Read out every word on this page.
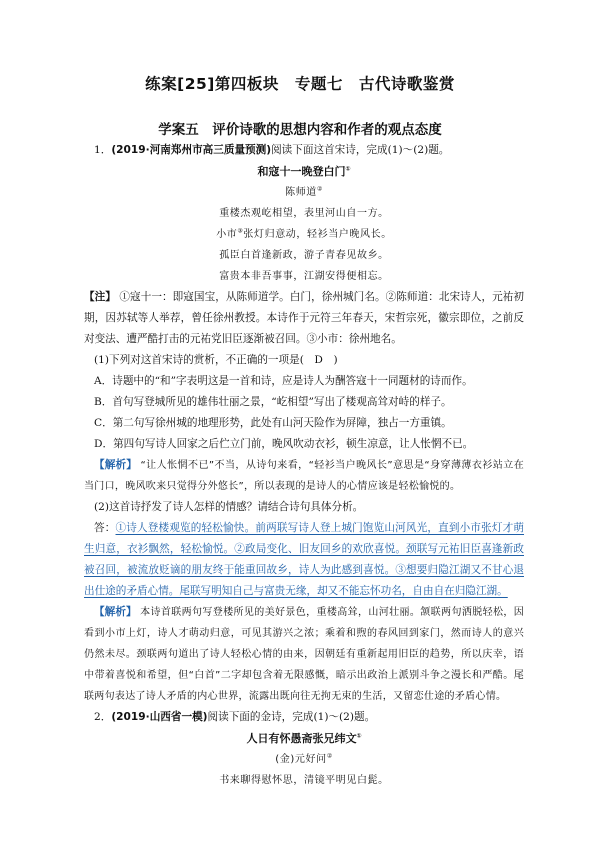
练案[25]第四板块　专题七　古代诗歌鉴赏
学案五　评价诗歌的思想内容和作者的观点态度

1．(2019·河南郑州市高三质量预测)阅读下面这首宋诗，完成(1)～(2)题。

和寇十一晚登白门①

陈师道②

重楼杰观屹相望，表里河山自一方。

小市③张灯归意动，轻衫当户晚风长。

孤臣白首逢新政，游子青春见故乡。

富贵本非吾事事，江湖安得便相忘。

【注】 ①寇十一：即寇国宝，从陈师道学。白门，徐州城门名。②陈师道：北宋诗人，元祐初期，因苏轼等人举荐，曾任徐州教授。本诗作于元符三年春天，宋哲宗死，徽宗即位，之前反对变法、遭严酷打击的元祐党旧臣逐渐被召回。③小市：徐州地名。

(1)下列对这首宋诗的赏析，不正确的一项是(　D　)

A．诗题中的“和”字表明这是一首和诗，应是诗人为酬答寇十一同题材的诗而作。

B．首句写登城所见的雄伟壮丽之景，“屹相望”写出了楼观高耸对峙的样子。

C．第二句写徐州城的地理形势，此处有山河天险作为屏障，独占一方重镇。

D．第四句写诗人回家之后伫立门前，晚风吹动衣衫，顿生凉意，让人怅惘不已。

【解析】 “让人怅惘不已”不当，从诗句来看，“轻衫当户晚风长”意思是“身穿薄薄衣衫站立在当门口，晚风吹来只觉得分外悠长”，所以表现的是诗人的心情应该是轻松愉悦的。

(2)这首诗抒发了诗人怎样的情感？请结合诗句具体分析。

答：①诗人登楼观览的轻松愉快。前两联写诗人登上城门饱览山河风光，直到小市张灯才萌生归意，衣衫飘然，轻松愉悦。②政局变化、旧友回乡的欢欣喜悦。颈联写元祐旧臣喜逢新政被召回，被流放贬谪的朋友终于能重回故乡，诗人为此感到喜悦。③想要归隐江湖又不甘心退出仕途的矛盾心情。尾联写明知自己与富贵无缘，却又不能忘怀功名，自由自在归隐江湖。

【解析】 本诗首联两句写登楼所见的美好景色，重楼高耸，山河壮丽。颔联两句洒脱轻松，因看到小市上灯，诗人才萌动归意，可见其游兴之浓；乘着和煦的春风回到家门，然而诗人的意兴仍然未尽。颈联两句道出了诗人轻松心情的由来，因朝廷有重新起用旧臣的趋势，所以庆幸，语中带着喜悦和希望，但“白首”二字却包含着无限感慨，暗示出政治上派别斗争之漫长和严酷。尾联两句表达了诗人矛盾的内心世界，流露出既向往无拘无束的生活，又留恋仕途的矛盾心情。

2．(2019·山西省一模)阅读下面的金诗，完成(1)～(2)题。

人日有怀愚斋张兄纬文①

(金)元好问②

书来聊得慰怀思，清镜平明见白髭。
